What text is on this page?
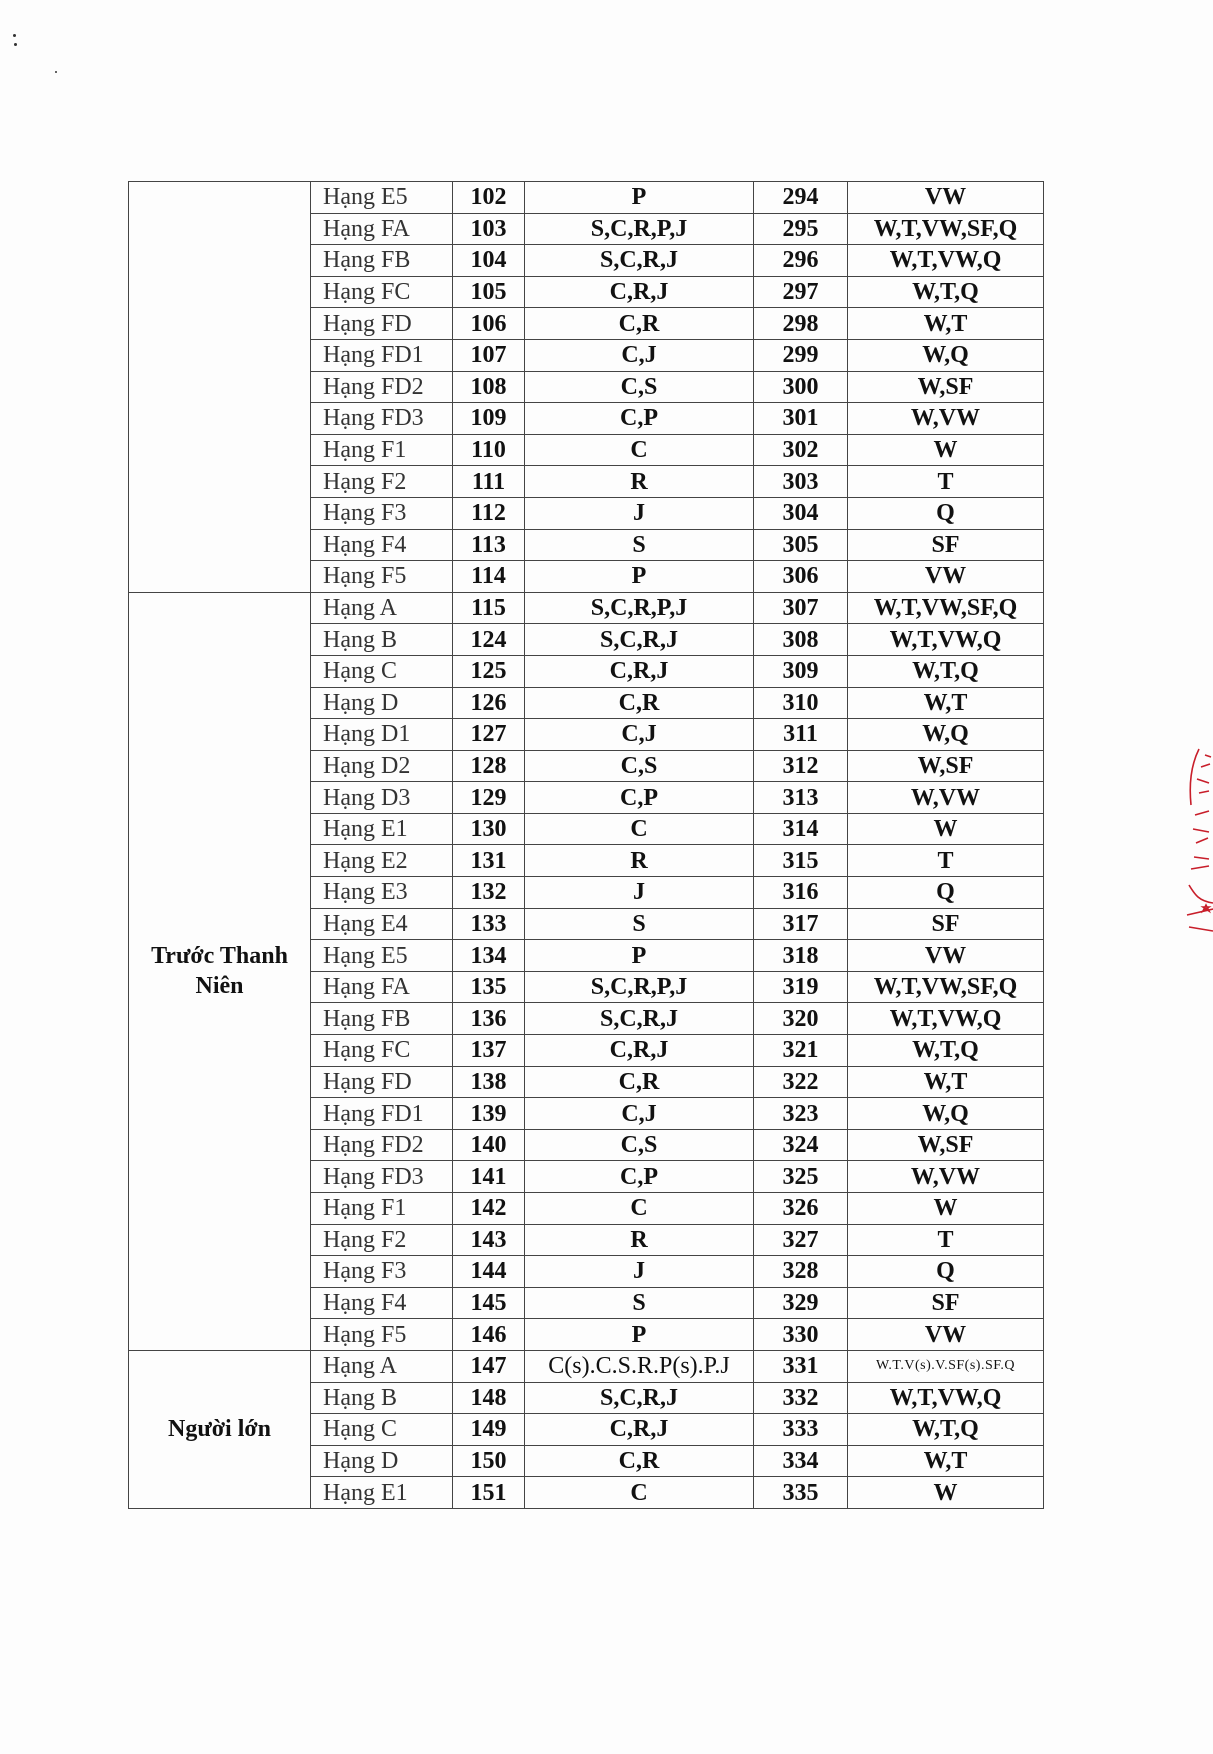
	Hạng E5	102	P	294	VW
	Hạng FA	103	S,C,R,P,J	295	W,T,VW,SF,Q
	Hạng FB	104	S,C,R,J	296	W,T,VW,Q
	Hạng FC	105	C,R,J	297	W,T,Q
	Hạng FD	106	C,R	298	W,T
	Hạng FD1	107	C,J	299	W,Q
	Hạng FD2	108	C,S	300	W,SF
	Hạng FD3	109	C,P	301	W,VW
	Hạng F1	110	C	302	W
	Hạng F2	111	R	303	T
	Hạng F3	112	J	304	Q
	Hạng F4	113	S	305	SF
	Hạng F5	114	P	306	VW
Trước Thanh Niên	Hạng A	115	S,C,R,P,J	307	W,T,VW,SF,Q
	Hạng B	124	S,C,R,J	308	W,T,VW,Q
	Hạng C	125	C,R,J	309	W,T,Q
	Hạng D	126	C,R	310	W,T
	Hạng D1	127	C,J	311	W,Q
	Hạng D2	128	C,S	312	W,SF
	Hạng D3	129	C,P	313	W,VW
	Hạng E1	130	C	314	W
	Hạng E2	131	R	315	T
	Hạng E3	132	J	316	Q
	Hạng E4	133	S	317	SF
	Hạng E5	134	P	318	VW
	Hạng FA	135	S,C,R,P,J	319	W,T,VW,SF,Q
	Hạng FB	136	S,C,R,J	320	W,T,VW,Q
	Hạng FC	137	C,R,J	321	W,T,Q
	Hạng FD	138	C,R	322	W,T
	Hạng FD1	139	C,J	323	W,Q
	Hạng FD2	140	C,S	324	W,SF
	Hạng FD3	141	C,P	325	W,VW
	Hạng F1	142	C	326	W
	Hạng F2	143	R	327	T
	Hạng F3	144	J	328	Q
	Hạng F4	145	S	329	SF
	Hạng F5	146	P	330	VW
Người lớn	Hạng A	147	C(s).C.S.R.P(s).P.J	331	W.T.V(s).V.SF(s).SF.Q
	Hạng B	148	S,C,R,J	332	W,T,VW,Q
	Hạng C	149	C,R,J	333	W,T,Q
	Hạng D	150	C,R	334	W,T
	Hạng E1	151	C	335	W
